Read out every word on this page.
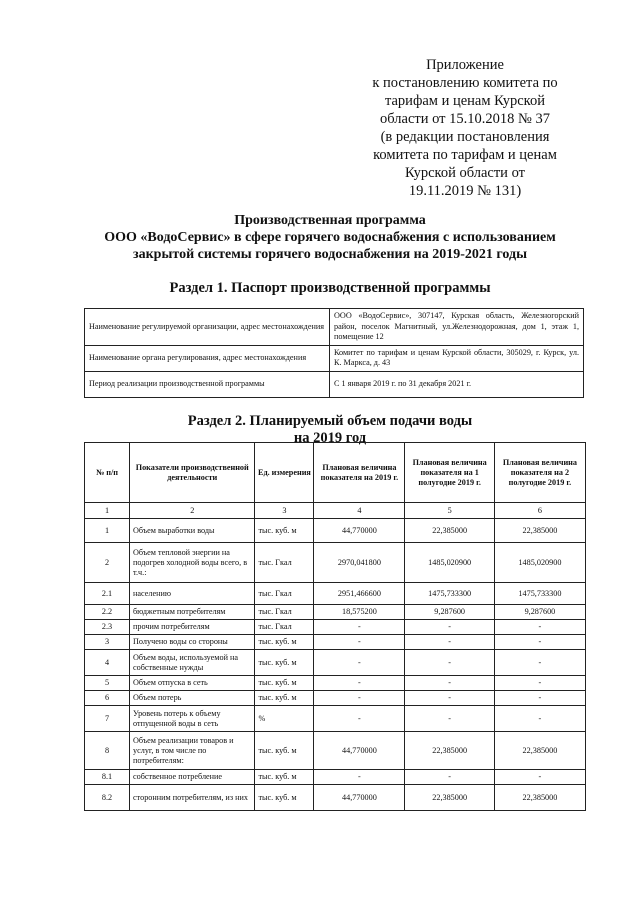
Приложение
к постановлению комитета по
тарифам и ценам Курской
области от 15.10.2018 № 37
(в редакции постановления
комитета по тарифам и ценам
Курской области от
19.11.2019 № 131)
Производственная программа
ООО «ВодоСервис» в сфере горячего водоснабжения с использованием
закрытой системы горячего водоснабжения на 2019-2021 годы
Раздел 1. Паспорт производственной программы
Наименование регулируемой организации, адрес местонахождения	ООО «ВодоСервис», 307147, Курская область, Железногорский район, поселок Магнитный, ул.Железнодорожная, дом 1, этаж 1, помещение 12
Наименование органа регулирования, адрес местонахождения	Комитет по тарифам и ценам Курской области, 305029, г. Курск, ул. К. Маркса, д. 43
Период реализации производственной программы	С 1 января 2019 г. по 31 декабря 2021 г.
Раздел 2. Планируемый объем подачи воды
на 2019 год
№ п/п	Показатели производственной деятельности	Ед. измерения	Плановая величина показателя на 2019 г.	Плановая величина показателя на 1 полугодие 2019 г.	Плановая величина показателя на 2 полугодие 2019 г.
1	2	3	4	5	6
1	Объем выработки воды	тыс. куб. м	44,770000	22,385000	22,385000
2	Объем тепловой энергии на подогрев холодной воды всего, в т.ч.:	тыс. Гкал	2970,041800	1485,020900	1485,020900
2.1	населению	тыс. Гкал	2951,466600	1475,733300	1475,733300
2.2	бюджетным потребителям	тыс. Гкал	18,575200	9,287600	9,287600
2.3	прочим потребителям	тыс. Гкал	-	-	-
3	Получено воды со стороны	тыс. куб. м	-	-	-
4	Объем воды, используемой на собственные нужды	тыс. куб. м	-	-	-
5	Объем отпуска в сеть	тыс. куб. м	-	-	-
6	Объем потерь	тыс. куб. м	-	-	-
7	Уровень потерь к объему отпущенной воды в сеть	%	-	-	-
8	Объем реализации товаров и услуг, в том числе по потребителям:	тыс. куб. м	44,770000	22,385000	22,385000
8.1	собственное потребление	тыс. куб. м	-	-	-
8.2	сторонним потребителям, из них	тыс. куб. м	44,770000	22,385000	22,385000
